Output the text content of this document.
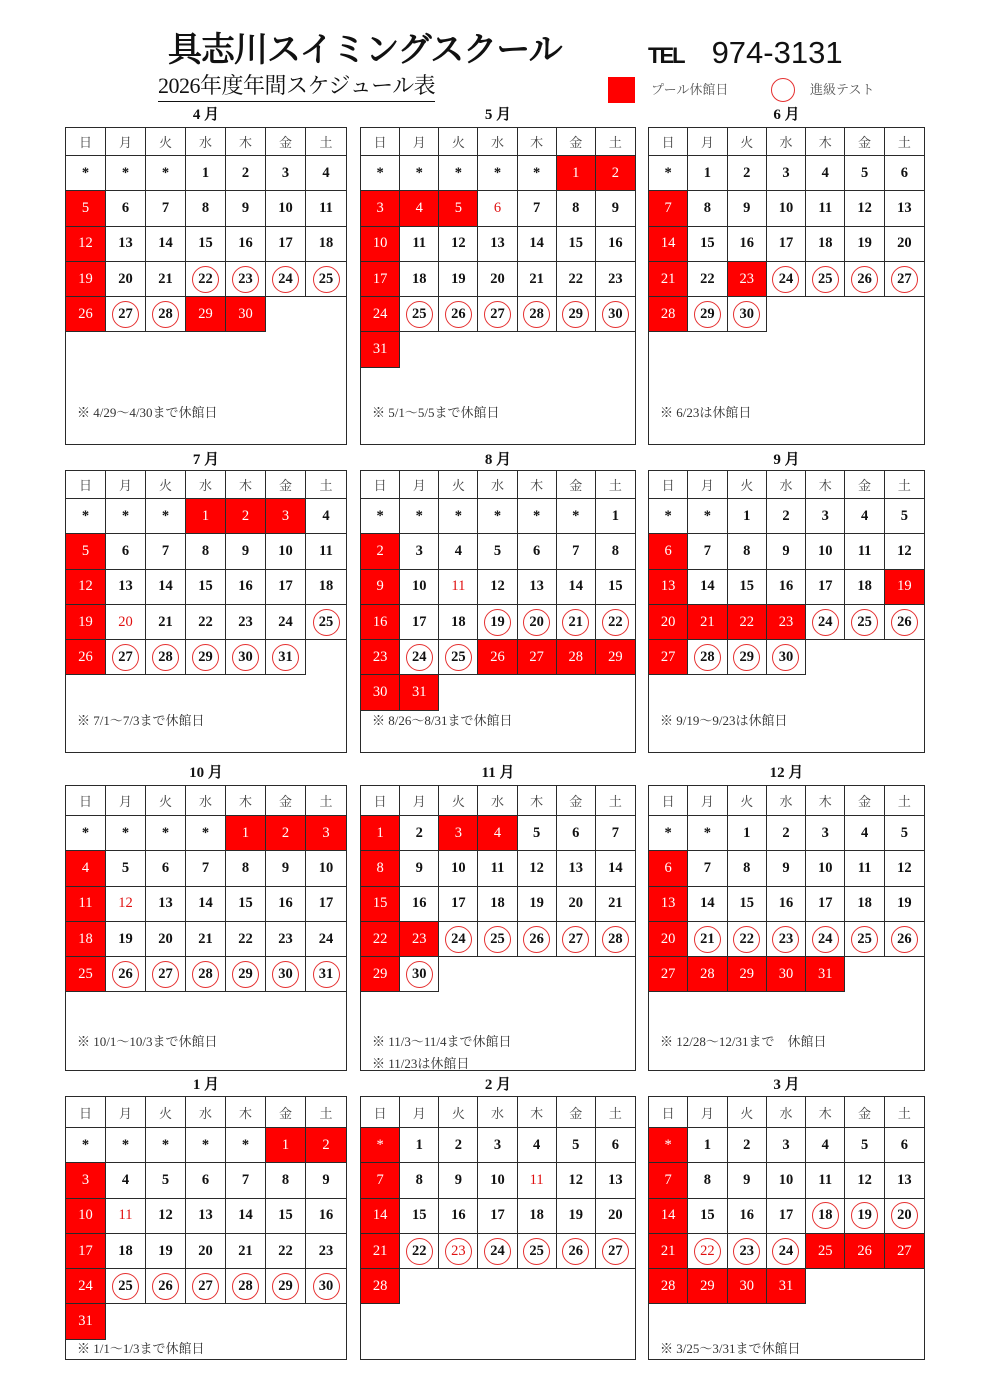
具志川スイミングスクール	TEL 974-3131
2026年度年間スケジュール表	プール休館日	進級テスト
4 月
日	月	火	水	木	金	土
*	*	*	1	2	3	4
5	6	7	8	9	10	11
12	13	14	15	16	17	18
19	20	21	22	23	24	25
26	27	28	29	30
※ 4/29～4/30まで休館日
5 月
日	月	火	水	木	金	土
*	*	*	*	*	1	2
3	4	5	6	7	8	9
10	11	12	13	14	15	16
17	18	19	20	21	22	23
24	25	26	27	28	29	30
31
※ 5/1～5/5まで休館日
6 月
日	月	火	水	木	金	土
*	1	2	3	4	5	6
7	8	9	10	11	12	13
14	15	16	17	18	19	20
21	22	23	24	25	26	27
28	29	30
※ 6/23は休館日
7 月
日	月	火	水	木	金	土
*	*	*	1	2	3	4
5	6	7	8	9	10	11
12	13	14	15	16	17	18
19	20	21	22	23	24	25
26	27	28	29	30	31
※ 7/1～7/3まで休館日
8 月
日	月	火	水	木	金	土
*	*	*	*	*	*	1
2	3	4	5	6	7	8
9	10	11	12	13	14	15
16	17	18	19	20	21	22
23	24	25	26	27	28	29
30	31
※ 8/26～8/31まで休館日
9 月
日	月	火	水	木	金	土
*	*	1	2	3	4	5
6	7	8	9	10	11	12
13	14	15	16	17	18	19
20	21	22	23	24	25	26
27	28	29	30
※ 9/19～9/23は休館日
10 月
日	月	火	水	木	金	土
*	*	*	*	1	2	3
4	5	6	7	8	9	10
11	12	13	14	15	16	17
18	19	20	21	22	23	24
25	26	27	28	29	30	31
※ 10/1～10/3まで休館日
11 月
日	月	火	水	木	金	土
1	2	3	4	5	6	7
8	9	10	11	12	13	14
15	16	17	18	19	20	21
22	23	24	25	26	27	28
29	30
※ 11/3～11/4まで休館日
※ 11/23は休館日
12 月
日	月	火	水	木	金	土
*	*	1	2	3	4	5
6	7	8	9	10	11	12
13	14	15	16	17	18	19
20	21	22	23	24	25	26
27	28	29	30	31
※ 12/28～12/31まで　休館日
1 月
日	月	火	水	木	金	土
*	*	*	*	*	1	2
3	4	5	6	7	8	9
10	11	12	13	14	15	16
17	18	19	20	21	22	23
24	25	26	27	28	29	30
31
※ 1/1～1/3まで休館日
2 月
日	月	火	水	木	金	土
*	1	2	3	4	5	6
7	8	9	10	11	12	13
14	15	16	17	18	19	20
21	22	23	24	25	26	27
28
3 月
日	月	火	水	木	金	土
*	1	2	3	4	5	6
7	8	9	10	11	12	13
14	15	16	17	18	19	20
21	22	23	24	25	26	27
28	29	30	31
※ 3/25～3/31まで休館日
